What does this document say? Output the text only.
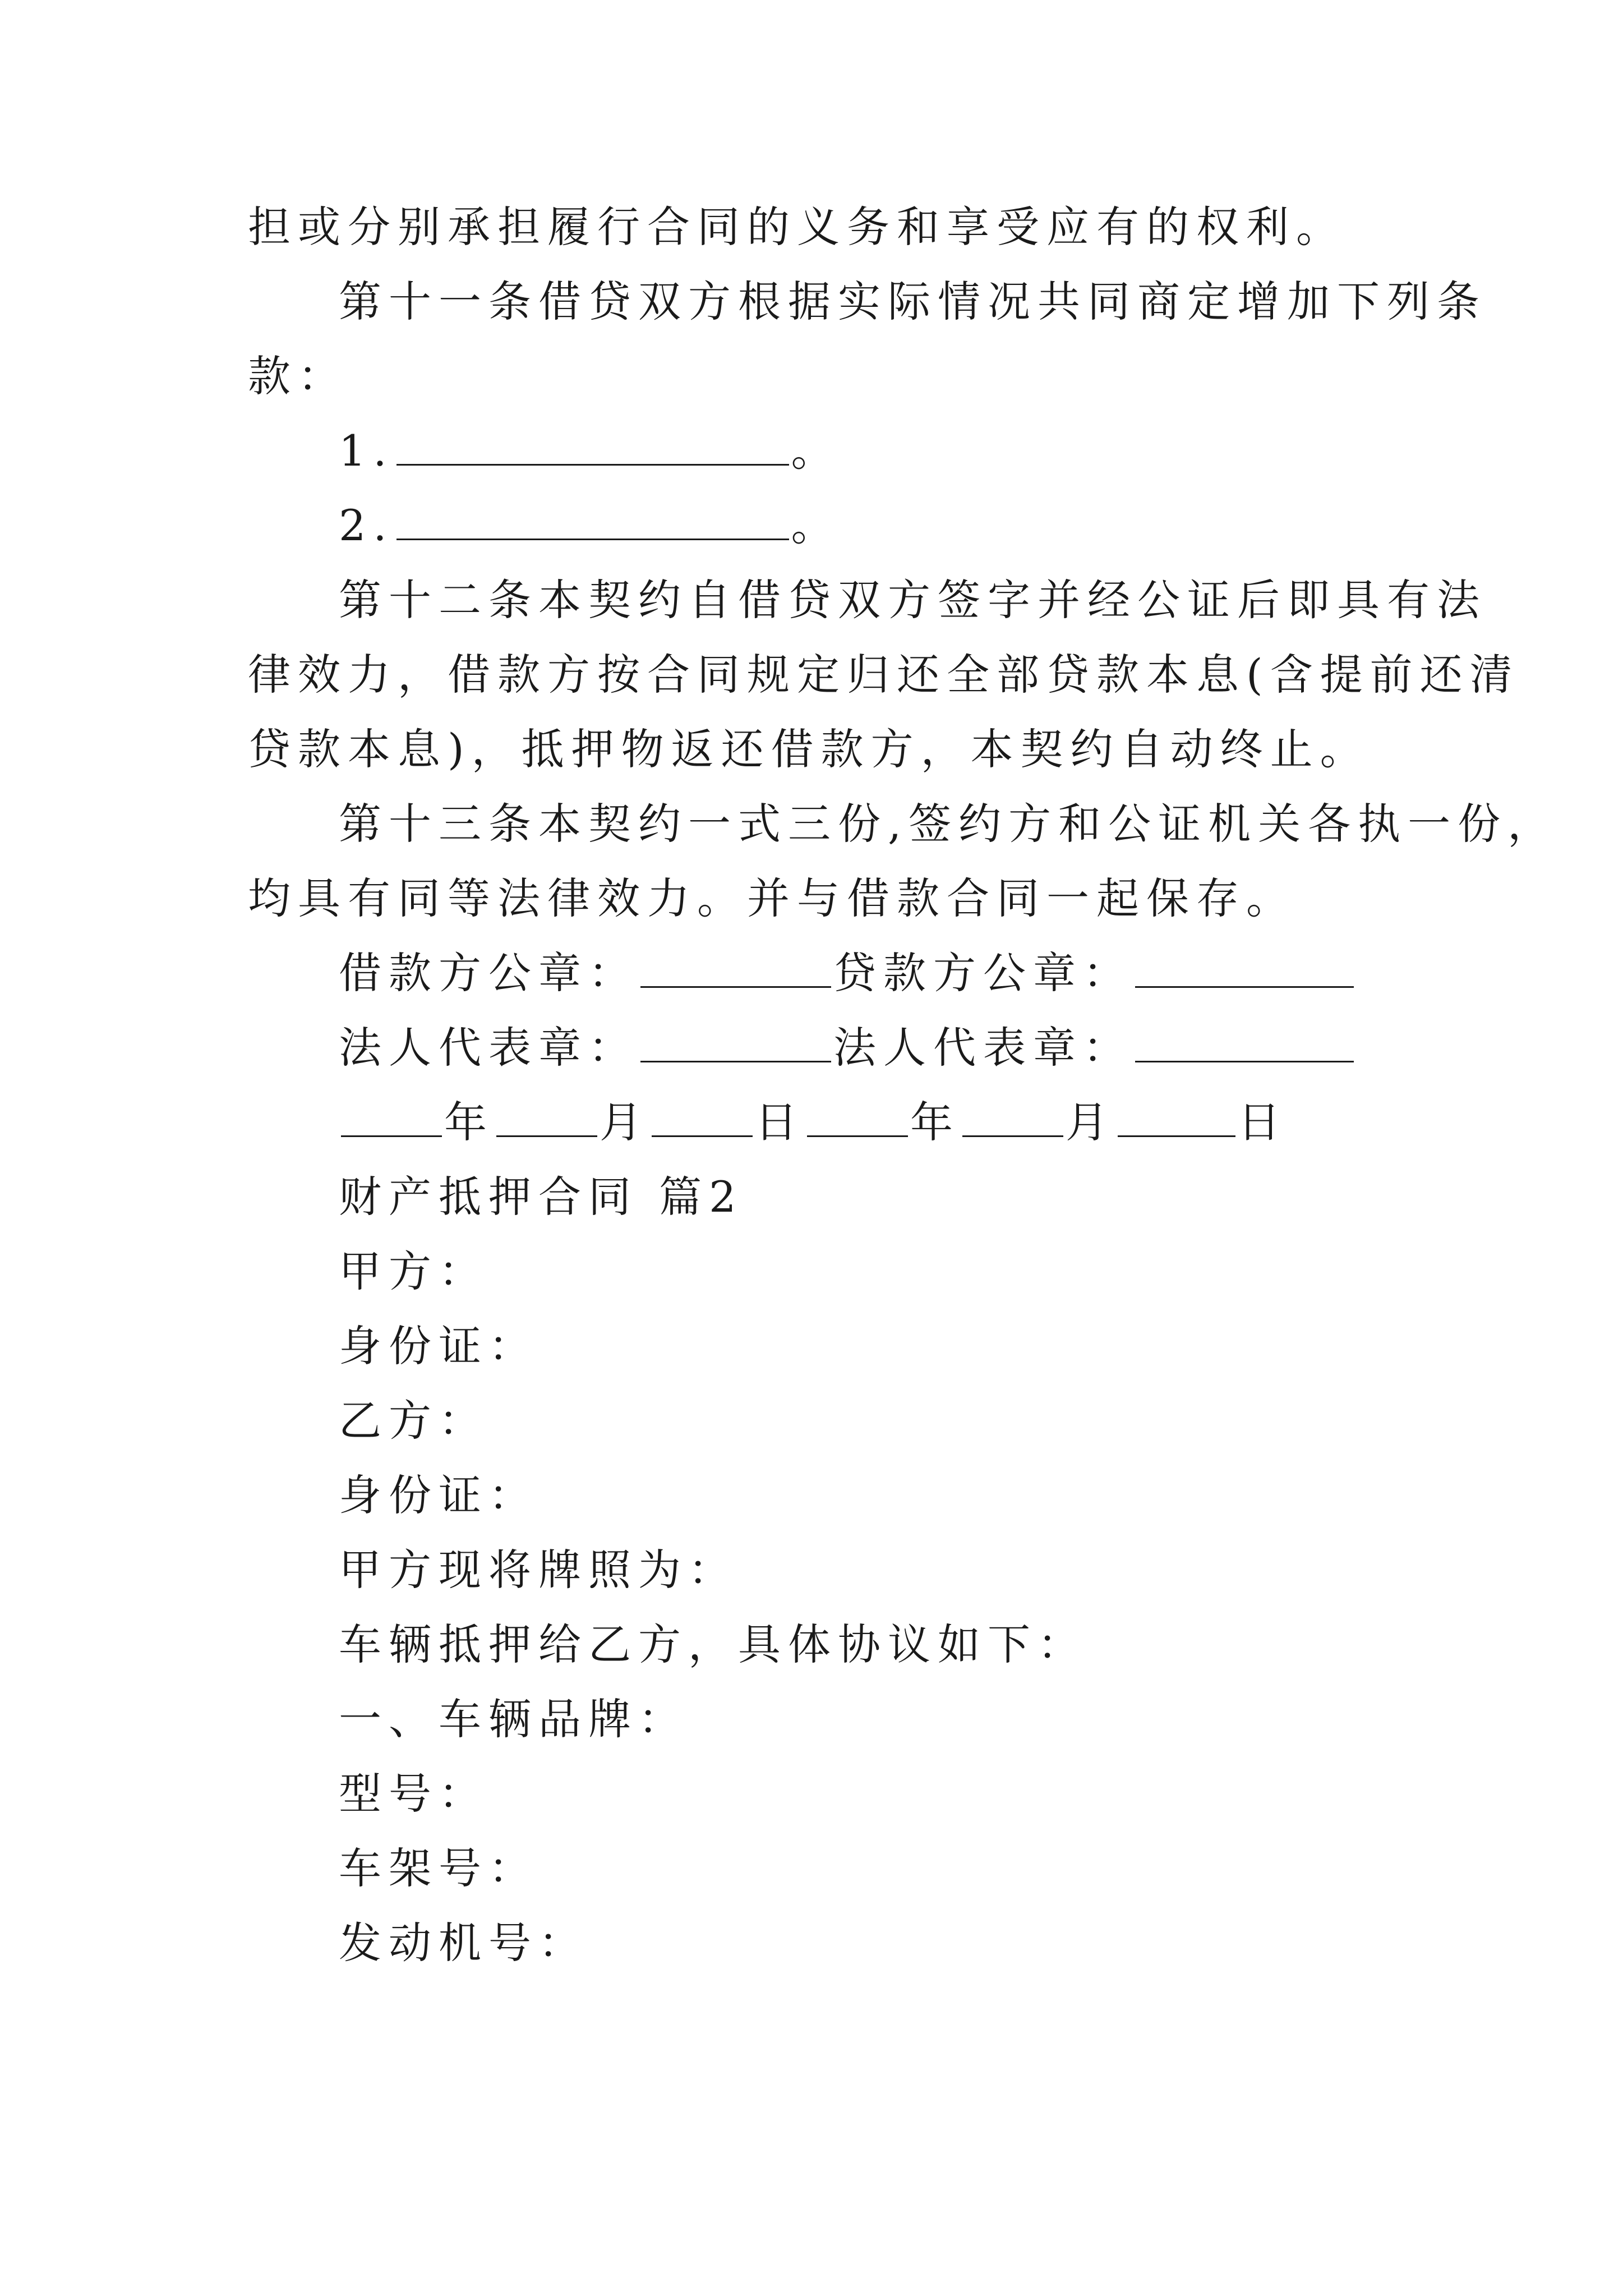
担或分别承担履行合同的义务和享受应有的权利。
第十一条借贷双方根据实际情况共同商定增加下列条
款：
1.	。
2.	。
第十二条本契约自借贷双方签字并经公证后即具有法
律效力，借款方按合同规定归还全部贷款本息(含提前还清
贷款本息)，抵押物返还借款方，本契约自动终止。
第十三条本契约一式三份,签约方和公证机关各执一份，
均具有同等法律效力。并与借款合同一起保存。
借款方公章：	贷款方公章：
法人代表章：	法人代表章：
年 月 日 年 月	日
财产抵押合同 篇2
甲方：
身份证：
乙方：
身份证：
甲方现将牌照为：
车辆抵押给乙方，具体协议如下：
一、车辆品牌：
型号：
车架号：
发动机号：
